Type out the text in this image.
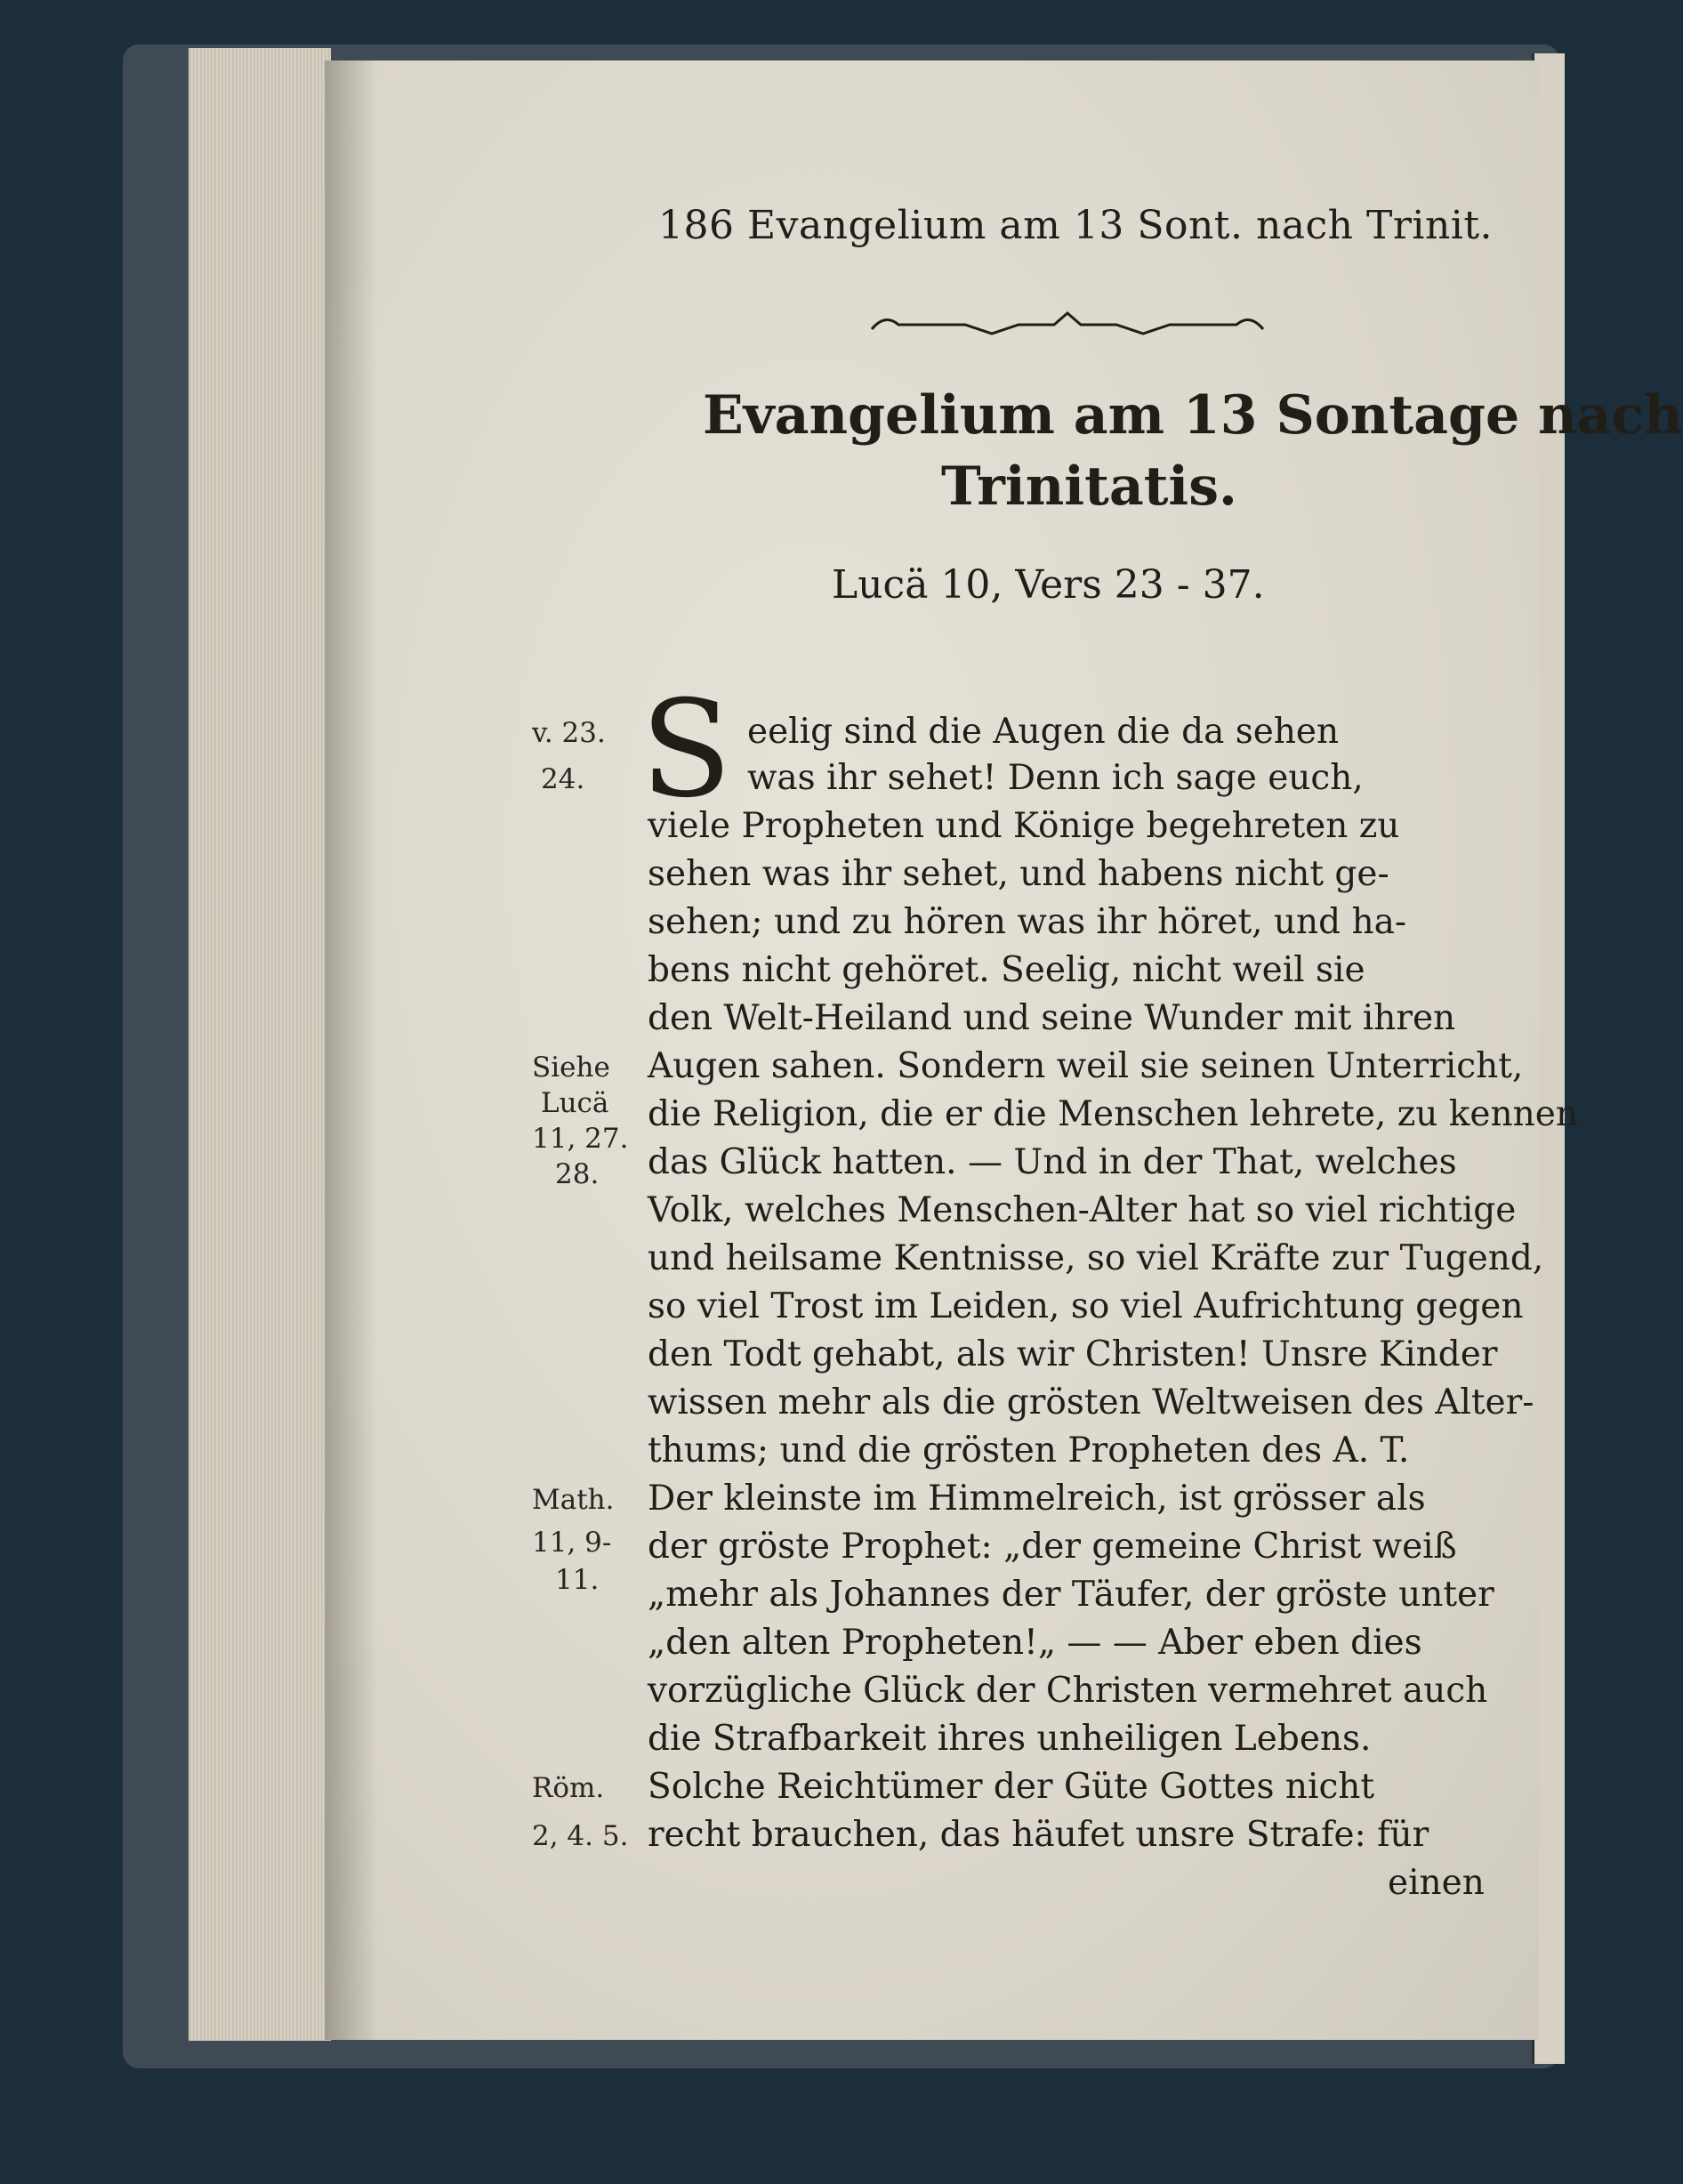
186 Evangelium am 13 Sont. nach Trinit.
Evangelium am 13 Sontage nach
Trinitatis.
Lucä 10, Vers 23 - 37.
S eelig sind die Augen die da sehen
was ihr sehet! Denn ich sage euch,
viele Propheten und Könige begehreten zu
sehen was ihr sehet, und habens nicht ge-
sehen; und zu hören was ihr höret, und ha-
bens nicht gehöret. Seelig, nicht weil sie
den Welt-Heiland und seine Wunder mit ihren
Augen sahen. Sondern weil sie seinen Unterricht,
die Religion, die er die Menschen lehrete, zu kennen
das Glück hatten. — Und in der That, welches
Volk, welches Menschen-Alter hat so viel richtige
und heilsame Kentnisse, so viel Kräfte zur Tugend,
so viel Trost im Leiden, so viel Aufrichtung gegen
den Todt gehabt, als wir Christen! Unsre Kinder
wissen mehr als die grösten Weltweisen des Alter-
thums; und die grösten Propheten des A. T.
Der kleinste im Himmelreich, ist grösser als
der gröste Prophet: „der gemeine Christ weiß
„mehr als Johannes der Täufer, der gröste unter
„den alten Propheten!„ — — Aber eben dies
vorzügliche Glück der Christen vermehret auch
die Strafbarkeit ihres unheiligen Lebens.
Solche Reichtümer der Güte Gottes nicht
recht brauchen, das häufet unsre Strafe: für
einen
v. 23.
24.
Siehe
Lucä
11, 27.
28.
Math.
11, 9-
11.
Röm.
2, 4. 5.
